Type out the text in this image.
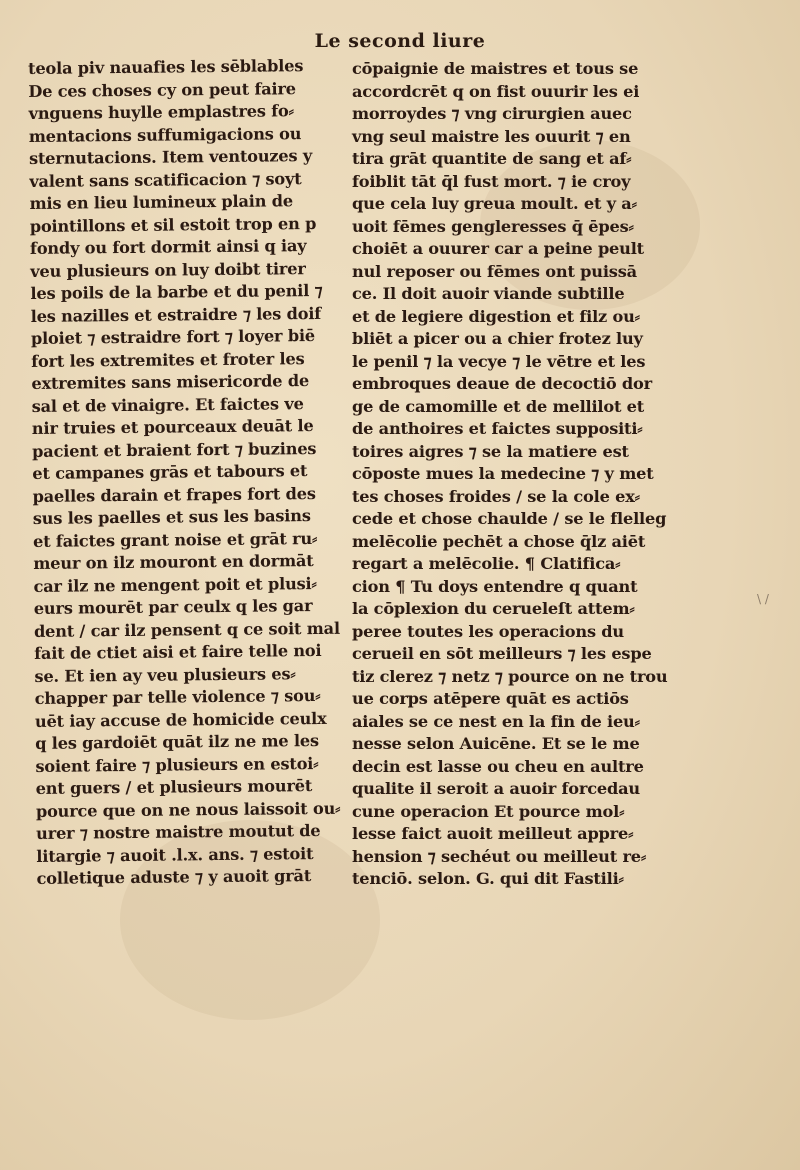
Le second liure
teola piv nauafies les sēblables
De ces choses cy on peut faire
vnguens huylle emplastres fo⸗
mentacions suffumigacions ou
sternutacions. Item ventouzes y
valent sans scatificacion ⁊ soyt
mis en lieu lumineux plain de
pointillons et sil estoit trop en p
fondy ou fort dormit ainsi q iay
veu plusieurs on luy doibt tirer
les poils de la barbe et du penil ⁊
les nazilles et estraidre ⁊ les doif
ploiet ⁊ estraidre fort ⁊ loyer biē
fort les extremites et froter les
extremites sans misericorde de
sal et de vinaigre. Et faictes ve
nir truies et pourceaux deuāt le
pacient et braient fort ⁊ buzines
et campanes grās et tabours et
paelles darain et frapes fort des
sus les paelles et sus les basins
et faictes grant noise et grāt ru⸗
meur on ilz mouront en dormāt
car ilz ne mengent poit et plusi⸗
eurs mourēt par ceulx q les gar
dent / car ilz pensent q ce soit mal
fait de ctiet aisi et faire telle noi
se. Et ien ay veu plusieurs es⸗
chapper par telle violence ⁊ sou⸗
uēt iay accuse de homicide ceulx
q les gardoiēt quāt ilz ne me les
soient faire ⁊ plusieurs en estoi⸗
ent guers / et plusieurs mourēt
pource que on ne nous laissoit ou⸗
urer ⁊ nostre maistre moutut de
litargie ⁊ auoit .l.x. ans. ⁊ estoit
colletique aduste ⁊ y auoit grāt
cōpaignie de maistres et tous se
accordcrēt q on fist ouurir les ei
morroydes ⁊ vng cirurgien auec
vng seul maistre les ouurit ⁊ en
tira grāt quantite de sang et af⸗
foiblit tāt q̄l fust mort. ⁊ ie croy
que cela luy greua moult. et y a⸗
uoit fēmes gengleresses q̄ ēpes⸗
choiēt a ouurer car a peine peult
nul reposer ou fēmes ont puissā
ce. Il doit auoir viande subtille
et de legiere digestion et filz ou⸗
bliēt a picer ou a chier frotez luy
le penil ⁊ la vecye ⁊ le vētre et les
embroques deaue de decoctiō dor
ge de camomille et de mellilot et
de anthoires et faictes suppositi⸗
toires aigres ⁊ se la matiere est
cōposte mues la medecine ⁊ y met
tes choses froides / se la cole ex⸗
cede et chose chaulde / se le flelleg
melēcolie pechēt a chose q̄lz aiēt
regart a melēcolie. ¶ Clatifica⸗
cion ¶ Tu doys entendre q quant
la cōplexion du cerueleſt attem⸗
peree toutes les operacions du
cerueil en sōt meilleurs ⁊ les espe
tiz clerez ⁊ netz ⁊ pource on ne trou
ue corps atēpere quāt es actiōs
aiales se ce nest en la fin de ieu⸗
nesse selon Auicēne. Et se le me
decin est lasse ou cheu en aultre
qualite il seroit a auoir forcedau
cune operacion Et pource mol⸗
lesse faict auoit meilleut appre⸗
hension ⁊ sechéut ou meilleut re⸗
tenciō. selon. G. qui dit Fastili⸗
\ /
